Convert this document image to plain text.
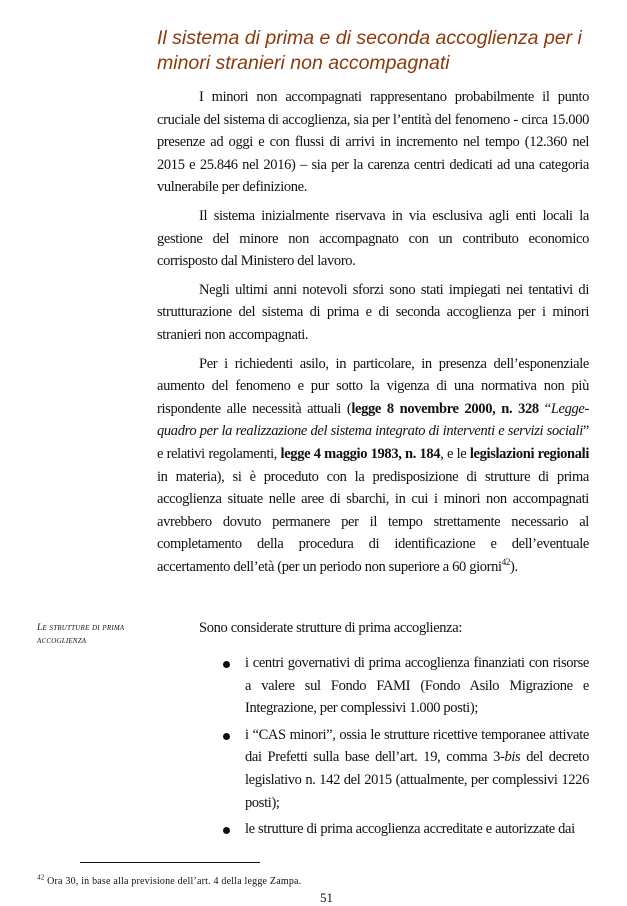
Il sistema di prima e di seconda accoglienza per i minori stranieri non accompagnati

I minori non accompagnati rappresentano probabilmente il punto cruciale del sistema di accoglienza, sia per l’entità del fenomeno - circa 15.000 presenze ad oggi e con flussi di arrivi in incremento nel tempo (12.360 nel 2015 e 25.846 nel 2016) – sia per la carenza centri dedicati ad una categoria vulnerabile per definizione.

Il sistema inizialmente riservava in via esclusiva agli enti locali la gestione del minore non accompagnato con un contributo economico corrisposto dal Ministero del lavoro.

Negli ultimi anni notevoli sforzi sono stati impiegati nei tentativi di strutturazione del sistema di prima e di seconda accoglienza per i minori stranieri non accompagnati.

Per i richiedenti asilo, in particolare, in presenza dell’esponenziale aumento del fenomeno e pur sotto la vigenza di una normativa non più rispondente alle necessità attuali (legge 8 novembre 2000, n. 328 “Legge-quadro per la realizzazione del sistema integrato di interventi e servizi sociali” e relativi regolamenti, legge 4 maggio 1983, n. 184, e le legislazioni regionali in materia), si è proceduto con la predisposizione di strutture di prima accoglienza situate nelle aree di sbarchi, in cui i minori non accompagnati avrebbero dovuto permanere per il tempo strettamente necessario al completamento della procedura di identificazione e dell’eventuale accertamento dell’età (per un periodo non superiore a 60 giorni$^{42}$).

Le strutture di prima accoglienza
Sono considerate strutture di prima accoglienza:
i centri governativi di prima accoglienza finanziati con risorse a valere sul Fondo FAMI (Fondo Asilo Migrazione e Integrazione, per complessivi 1.000 posti);
i “CAS minori”, ossia le strutture ricettive temporanee attivate dai Prefetti sulla base dell’art. 19, comma 3-bis del decreto legislativo n. 142 del 2015 (attualmente, per complessivi 1226 posti);
le strutture di prima accoglienza accreditate e autorizzate dai
$^{42}$ Ora 30, in base alla previsione dell’art. 4 della legge Zampa.
51
